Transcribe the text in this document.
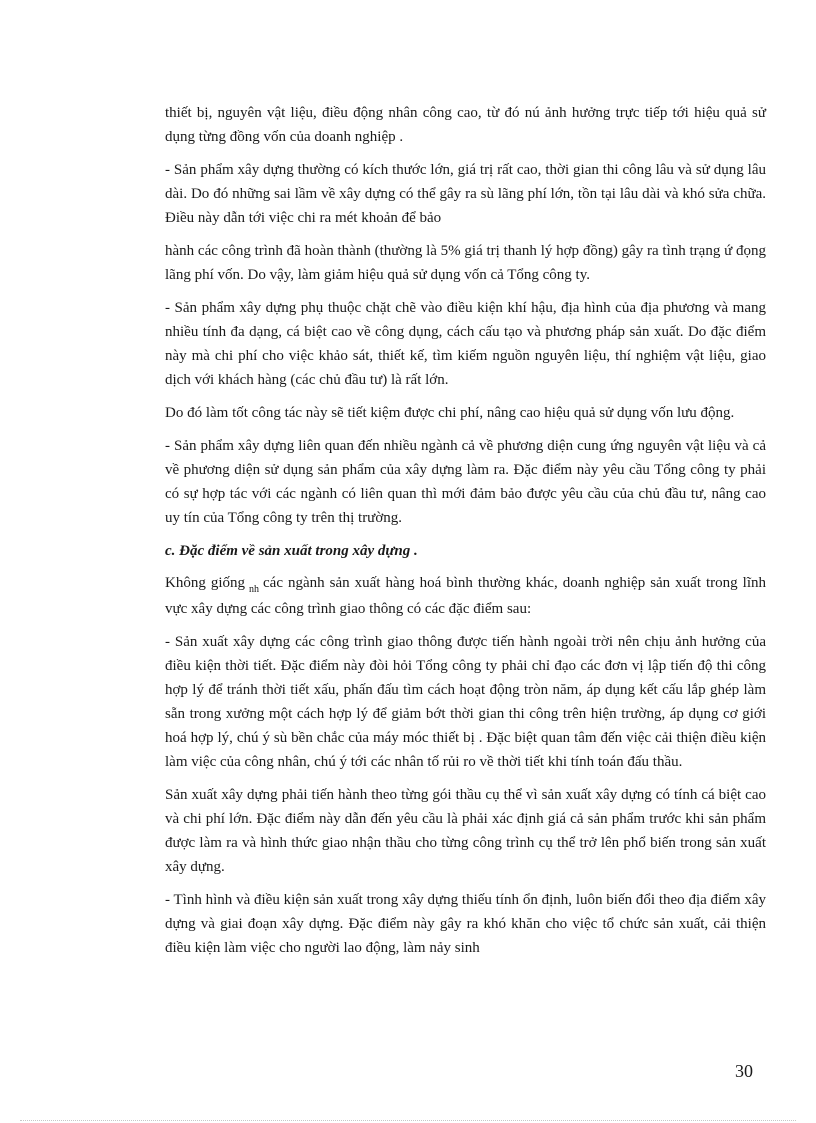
thiết bị, nguyên vật liệu, điều động nhân công cao, từ đó nú ảnh hưởng trực tiếp tới hiệu quả sử dụng từng đồng vốn của doanh nghiệp .

- Sản phẩm xây dựng thường có kích thước lớn, giá trị rất cao, thời gian thi công lâu và sử dụng lâu dài. Do đó những sai lầm về xây dựng có thể gây ra sù lãng phí lớn, tồn tại lâu dài và khó sửa chữa. Điều này dẫn tới việc chi ra mét khoản để bảo

hành các công trình đã hoàn thành (thường là 5% giá trị thanh lý hợp đồng) gây ra tình trạng ứ đọng lãng phí vốn. Do vậy, làm giảm hiệu quả sử dụng vốn cả Tổng công ty.

- Sản phẩm xây dựng phụ thuộc chặt chẽ vào điều kiện khí hậu, địa hình của địa phương và mang nhiều tính đa dạng, cá biệt cao về công dụng, cách cấu tạo và phương pháp sản xuất. Do đặc điểm này mà chi phí cho việc khảo sát, thiết kế, tìm kiếm nguồn nguyên liệu, thí nghiệm vật liệu, giao dịch với khách hàng (các chủ đầu tư) là rất lớn.

Do đó làm tốt công tác này sẽ tiết kiệm được chi phí, nâng cao hiệu quả sử dụng vốn lưu động.

- Sản phẩm xây dựng liên quan đến nhiều ngành cả về phương diện cung ứng nguyên vật liệu và cả về phương diện sử dụng sản phẩm của xây dựng làm ra. Đặc điểm này yêu cầu Tổng công ty phải có sự hợp tác với các ngành có liên quan thì mới đảm bảo được yêu cầu của chủ đầu tư, nâng cao uy tín của Tổng công ty trên thị trường.

c. Đặc điểm về sản xuất trong xây dựng .

Không giống $_{nh}$ các ngành sản xuất hàng hoá bình thường khác, doanh nghiệp sản xuất trong lĩnh vực xây dựng các công trình giao thông có các đặc điểm sau:

- Sản xuất xây dựng các công trình giao thông được tiến hành ngoài trời nên chịu ảnh hưởng của điều kiện thời tiết. Đặc điểm này đòi hỏi Tổng công ty phải chỉ đạo các đơn vị lập tiến độ thi công hợp lý để tránh thời tiết xấu, phấn đấu tìm cách hoạt động tròn năm, áp dụng kết cấu lắp ghép làm sẵn trong xưởng một cách hợp lý để giảm bớt thời gian thi công trên hiện trường, áp dụng cơ giới hoá hợp lý, chú ý sù bền chắc của máy móc thiết bị . Đặc biệt quan tâm đến việc cải thiện điều kiện làm việc của công nhân, chú ý tới các nhân tố rủi ro về thời tiết khi tính toán đấu thầu.

Sản xuất xây dựng phải tiến hành theo từng gói thầu cụ thể vì sản xuất xây dựng có tính cá biệt cao và chi phí lớn. Đặc điểm này dẫn đến yêu cầu là phải xác định giá cả sản phẩm trước khi sản phẩm được làm ra và hình thức giao nhận thầu cho từng công trình cụ thể trở lên phổ biến trong sản xuất xây dựng.

- Tình hình và điều kiện sản xuất trong xây dựng thiếu tính ổn định, luôn biến đổi theo địa điểm xây dựng và giai đoạn xây dựng. Đặc điểm này gây ra khó khăn cho việc tổ chức sản xuất, cải thiện điều kiện làm việc cho người lao động, làm nảy sinh

30
